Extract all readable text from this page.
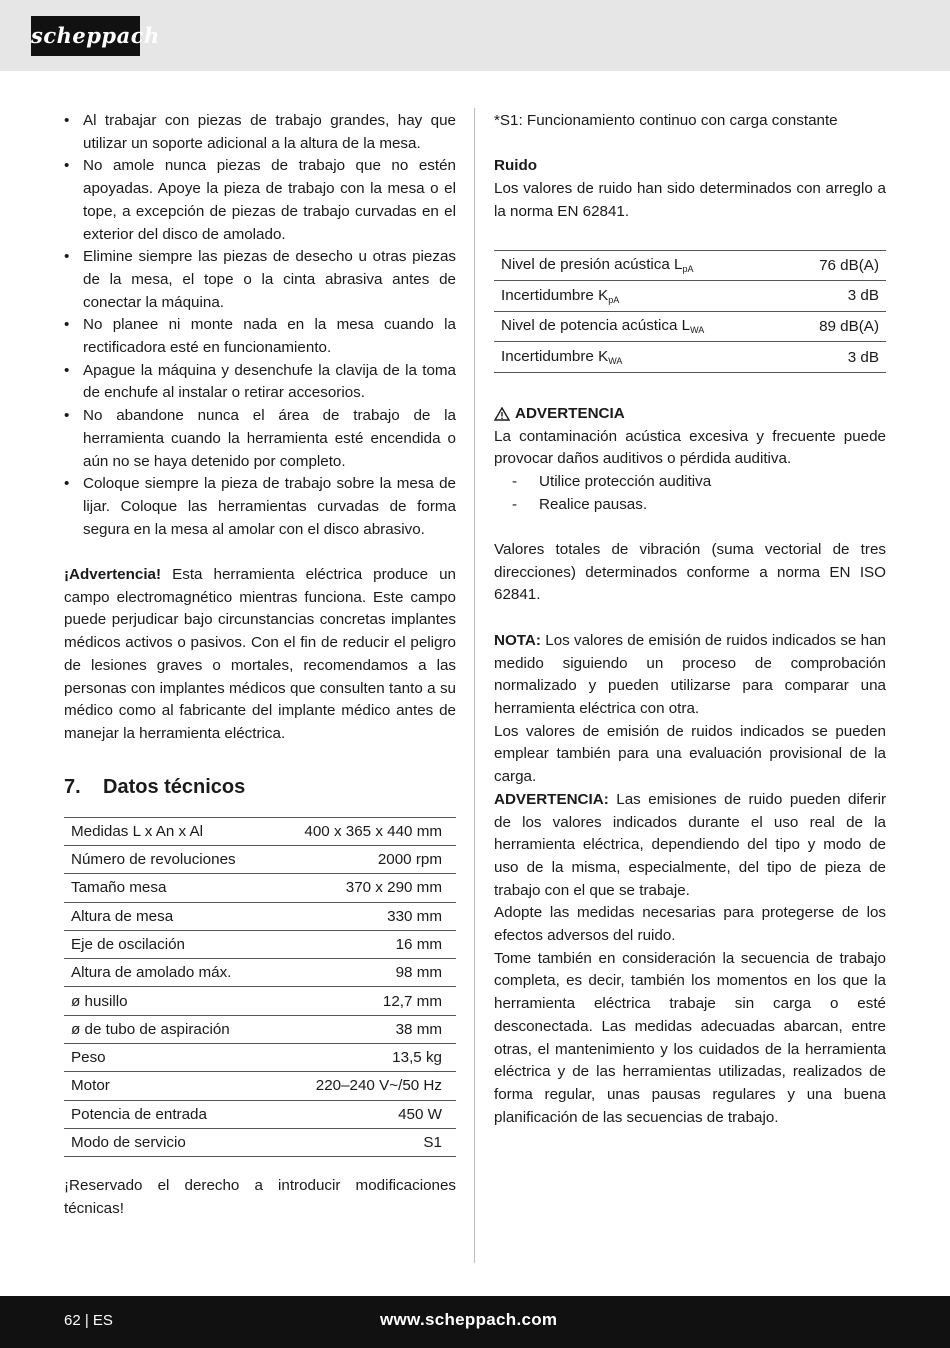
scheppach
• Al trabajar con piezas de trabajo grandes, hay que utilizar un soporte adicional a la altura de la mesa.
• No amole nunca piezas de trabajo que no estén apoyadas. Apoye la pieza de trabajo con la mesa o el tope, a excepción de piezas de trabajo curvadas en el exterior del disco de amolado.
• Elimine siempre las piezas de desecho u otras piezas de la mesa, el tope o la cinta abrasiva antes de conectar la máquina.
• No planee ni monte nada en la mesa cuando la rectificadora esté en funcionamiento.
• Apague la máquina y desenchufe la clavija de la toma de enchufe al instalar o retirar accesorios.
• No abandone nunca el área de trabajo de la herramienta cuando la herramienta esté encendida o aún no se haya detenido por completo.
• Coloque siempre la pieza de trabajo sobre la mesa de lijar. Coloque las herramientas curvadas de forma segura en la mesa al amolar con el disco abrasivo.

¡Advertencia! Esta herramienta eléctrica produce un campo electromagnético mientras funciona. Este campo puede perjudicar bajo circunstancias concretas implantes médicos activos o pasivos. Con el fin de reducir el peligro de lesiones graves o mortales, recomendamos a las personas con implantes médicos que consulten tanto a su médico como al fabricante del implante médico antes de manejar la herramienta eléctrica.

7.	Datos técnicos
Medidas L x An x Al	400 x 365 x 440 mm
Número de revoluciones	2000 rpm
Tamaño mesa	370 x 290 mm
Altura de mesa	330 mm
Eje de oscilación	16 mm
Altura de amolado máx.	98 mm
ø husillo	12,7 mm
ø de tubo de aspiración	38 mm
Peso	13,5 kg
Motor	220–240 V~/50 Hz
Potencia de entrada	450 W
Modo de servicio	S1

¡Reservado el derecho a introducir modificaciones técnicas!

*S1: Funcionamiento continuo con carga constante

Ruido

Los valores de ruido han sido determinados con arreglo a la norma EN 62841.

Nivel de presión acústica $L_{pA}$	76 dB(A)
Incertidumbre $K_{pA}$	3 dB
Nivel de potencia acústica $L_{WA}$	89 dB(A)
Incertidumbre $K_{WA}$	3 dB
ADVERTENCIA

La contaminación acústica excesiva y frecuente puede provocar daños auditivos o pérdida auditiva.

- Utilice protección auditiva
- Realice pausas.

Valores totales de vibración (suma vectorial de tres direcciones) determinados conforme a norma EN ISO 62841.

NOTA: Los valores de emisión de ruidos indicados se han medido siguiendo un proceso de comprobación normalizado y pueden utilizarse para comparar una herramienta eléctrica con otra.

Los valores de emisión de ruidos indicados se pueden emplear también para una evaluación provisional de la carga.

ADVERTENCIA: Las emisiones de ruido pueden diferir de los valores indicados durante el uso real de la herramienta eléctrica, dependiendo del tipo y modo de uso de la misma, especialmente, del tipo de pieza de trabajo con el que se trabaje.

Adopte las medidas necesarias para protegerse de los efectos adversos del ruido.

Tome también en consideración la secuencia de trabajo completa, es decir, también los momentos en los que la herramienta eléctrica trabaje sin carga o esté desconectada. Las medidas adecuadas abarcan, entre otras, el mantenimiento y los cuidados de la herramienta eléctrica y de las herramientas utilizadas, realizados de forma regular, unas pausas regulares y una buena planificación de las secuencias de trabajo.

62 | ES	www.scheppach.com
